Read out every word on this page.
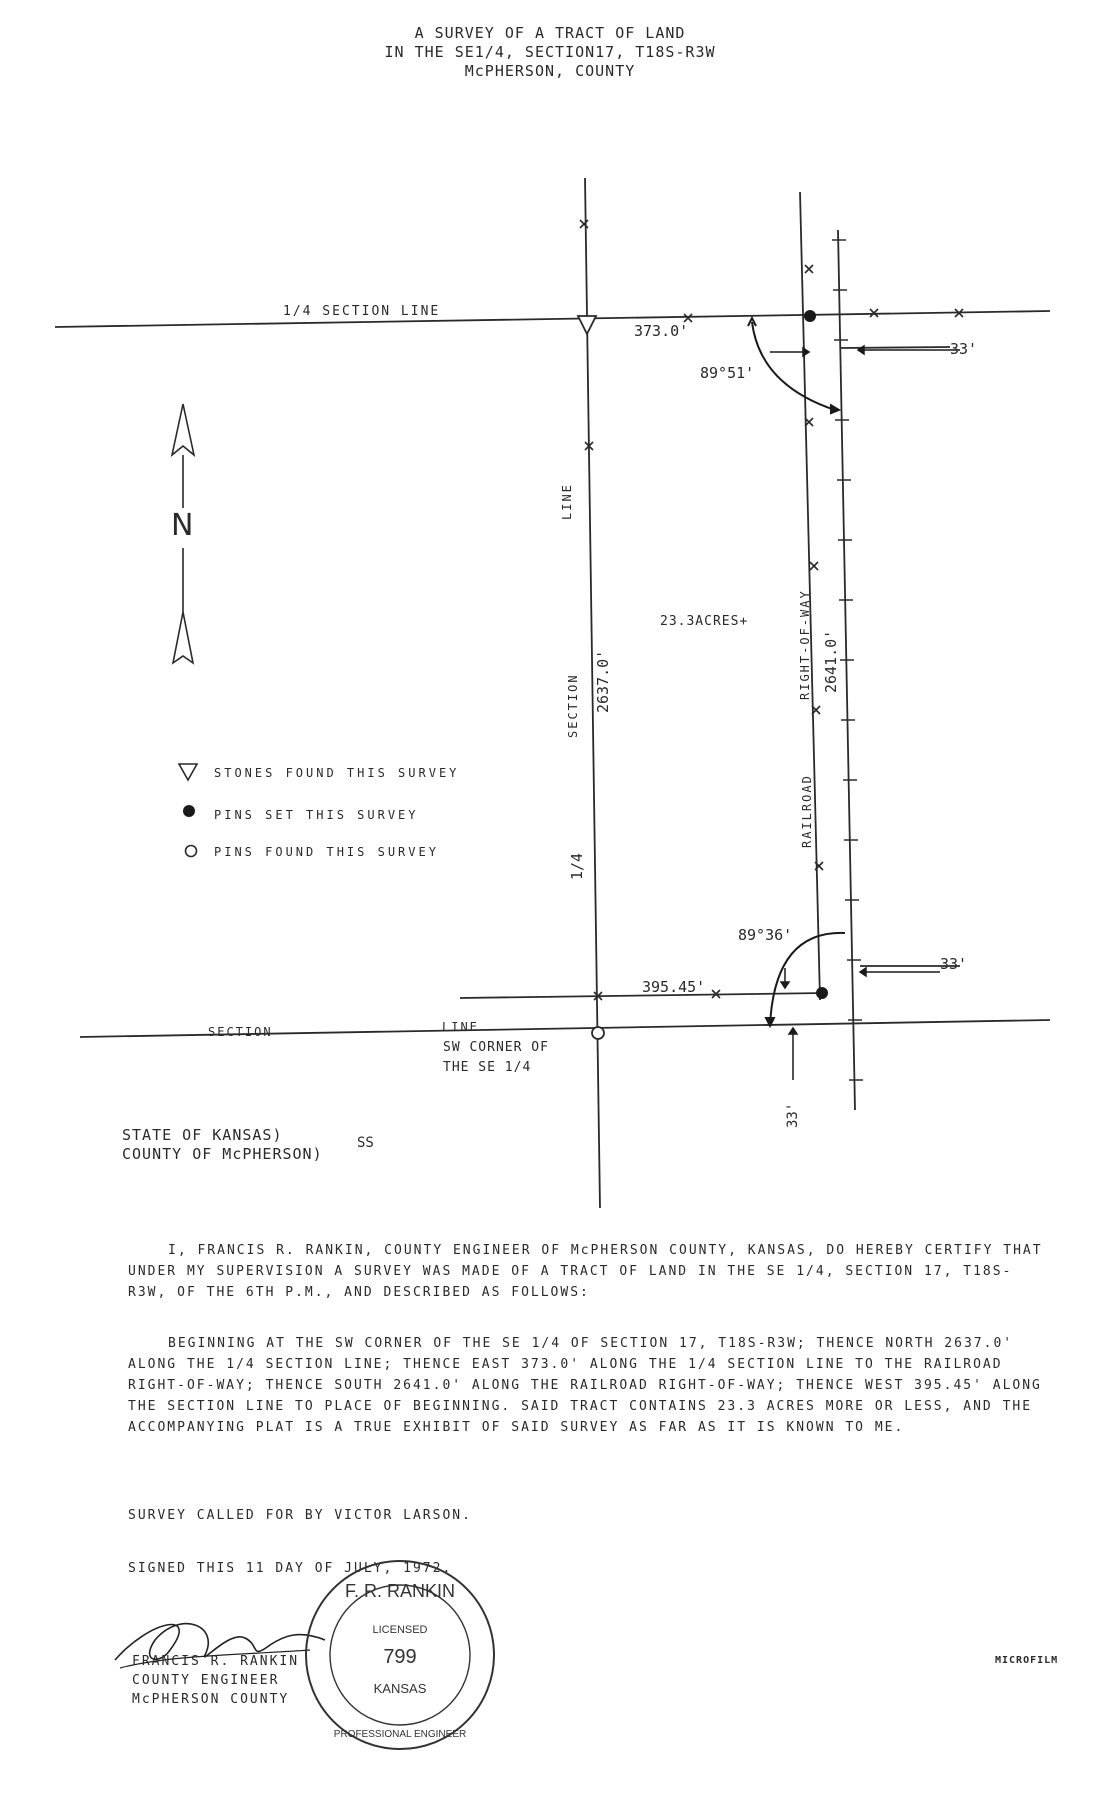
A SURVEY OF A TRACT OF LAND
IN THE SE1/4, SECTION17, T18S-R3W
McPHERSON, COUNTY
1/4 SECTION LINE
373.0'
89°51'
33'
N
LINE
SECTION 2637.0'
1/4
23.3ACRES+	RIGHT-OF-WAY 2641.0'
RAILROAD
89°36'
395.45'
33'
SECTION	LINE
SW CORNER OF
THE SE 1/4
33'
STONES FOUND THIS SURVEY
PINS SET THIS SURVEY
PINS FOUND THIS SURVEY
STATE OF KANSAS)
COUNTY OF McPHERSON)
SS

I, FRANCIS R. RANKIN, COUNTY ENGINEER OF McPHERSON COUNTY, KANSAS, DO HEREBY CERTIFY THAT UNDER MY SUPERVISION A SURVEY WAS MADE OF A TRACT OF LAND IN THE SE 1/4, SECTION 17, T18S-R3W, OF THE 6TH P.M., AND DESCRIBED AS FOLLOWS:

BEGINNING AT THE SW CORNER OF THE SE 1/4 OF SECTION 17, T18S-R3W; THENCE NORTH 2637.0' ALONG THE 1/4 SECTION LINE; THENCE EAST 373.0' ALONG THE 1/4 SECTION LINE TO THE RAILROAD RIGHT-OF-WAY; THENCE SOUTH 2641.0' ALONG THE RAILROAD RIGHT-OF-WAY; THENCE WEST 395.45' ALONG THE SECTION LINE TO PLACE OF BEGINNING. SAID TRACT CONTAINS 23.3 ACRES MORE OR LESS, AND THE ACCOMPANYING PLAT IS A TRUE EXHIBIT OF SAID SURVEY AS FAR AS IT IS KNOWN TO ME.

SURVEY CALLED FOR BY VICTOR LARSON.
SIGNED THIS 11 DAY OF JULY, 1972.
FRANCIS R. RANKIN
COUNTY ENGINEER
McPHERSON COUNTY
F. R. RANKIN
LICENSED
799
KANSAS
PROFESSIONAL ENGINEER
MICROFILM
